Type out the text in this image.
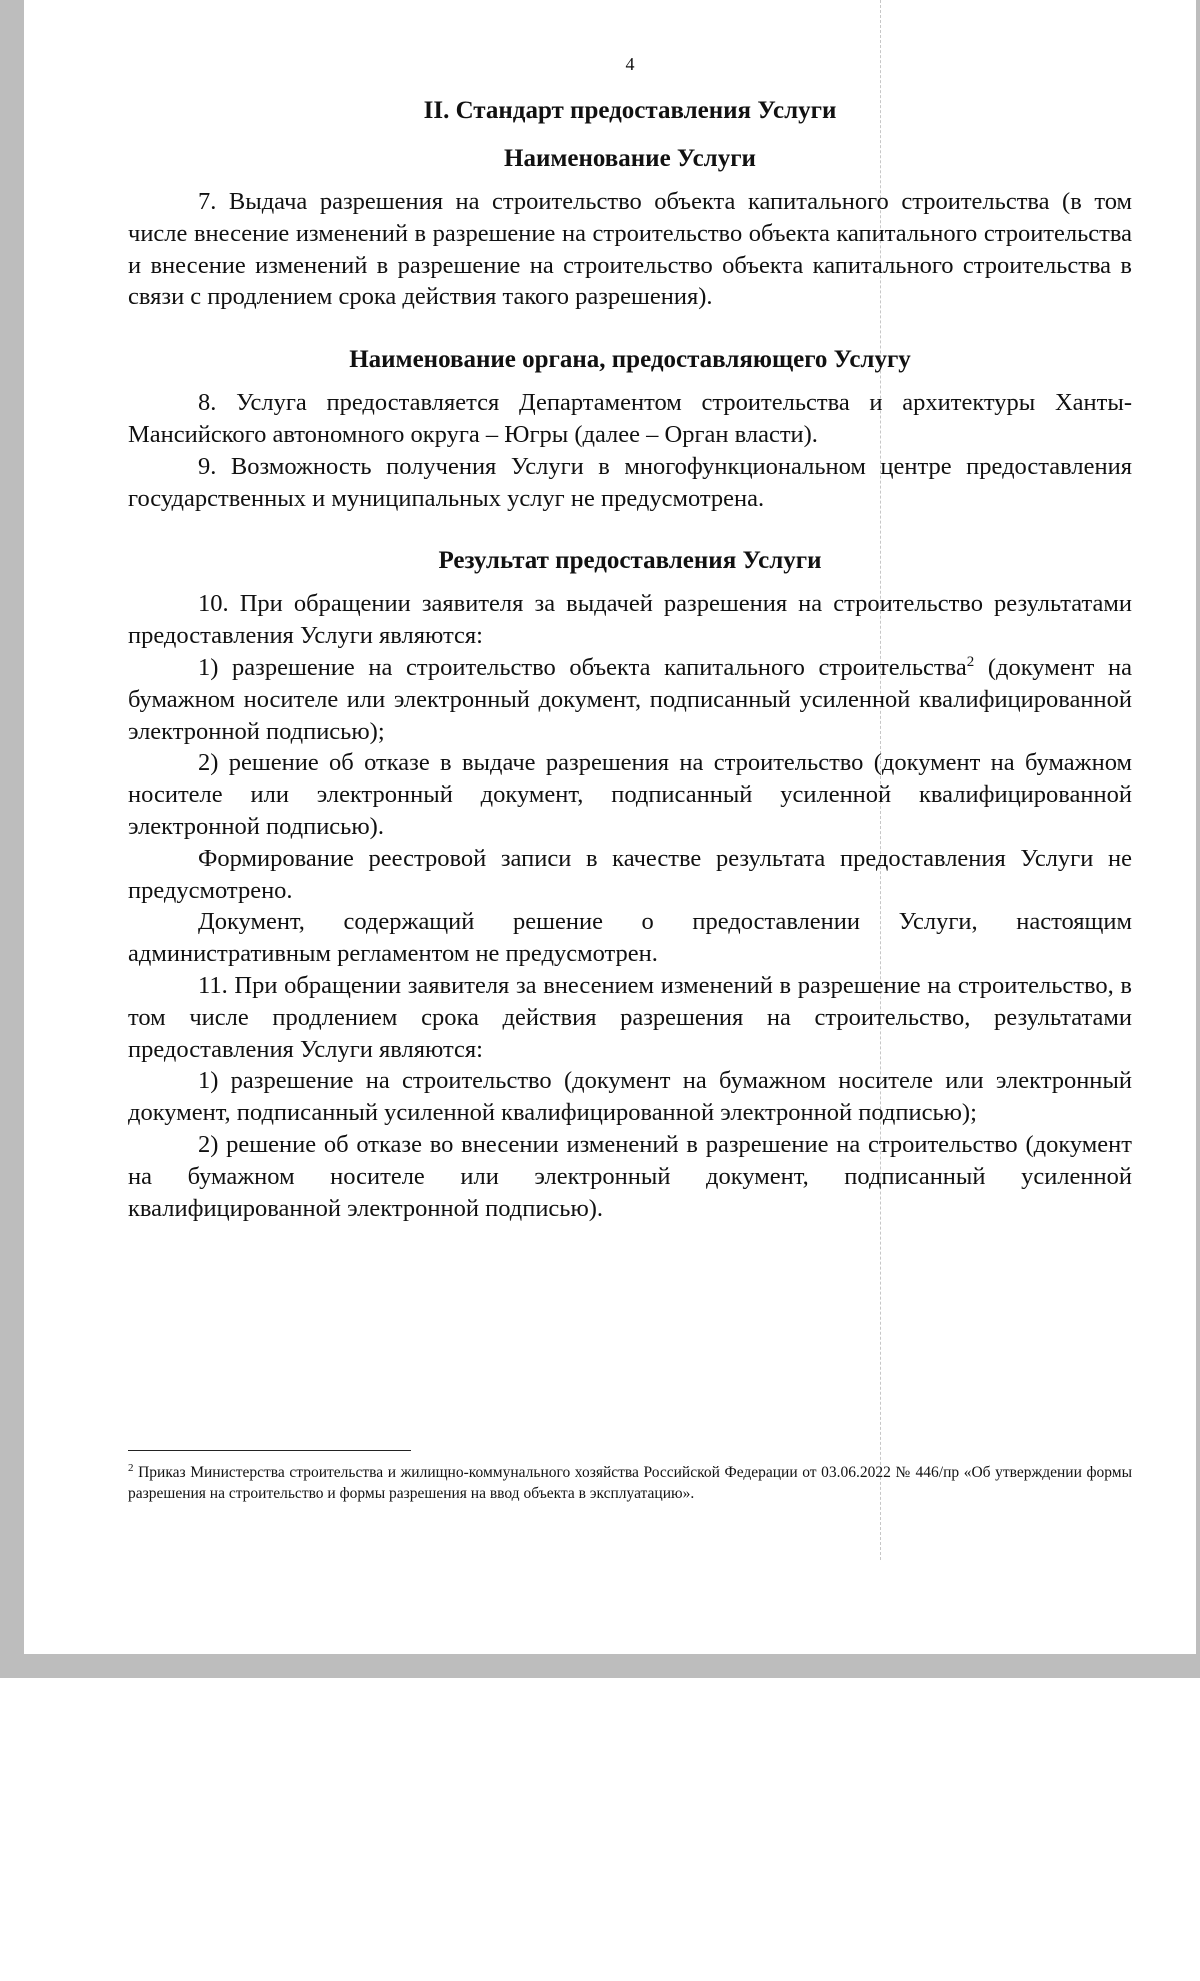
4
II. Стандарт предоставления Услуги
Наименование Услуги

7. Выдача разрешения на строительство объекта капитального строительства (в том числе внесение изменений в разрешение на строительство объекта капитального строительства и внесение изменений в разрешение на строительство объекта капитального строительства в связи с продлением срока действия такого разрешения).

Наименование органа, предоставляющего Услугу

8. Услуга предоставляется Департаментом строительства и архитектуры Ханты-Мансийского автономного округа – Югры (далее – Орган власти).

9. Возможность получения Услуги в многофункциональном центре предоставления государственных и муниципальных услуг не предусмотрена.

Результат предоставления Услуги

10. При обращении заявителя за выдачей разрешения на строительство результатами предоставления Услуги являются:

1) разрешение на строительство объекта капитального строительства$^2$ (документ на бумажном носителе или электронный документ, подписанный усиленной квалифицированной электронной подписью);

2) решение об отказе в выдаче разрешения на строительство (документ на бумажном носителе или электронный документ, подписанный усиленной квалифицированной электронной подписью).

Формирование реестровой записи в качестве результата предоставления Услуги не предусмотрено.

Документ, содержащий решение о предоставлении Услуги, настоящим административным регламентом не предусмотрен.

11. При обращении заявителя за внесением изменений в разрешение на строительство, в том числе продлением срока действия разрешения на строительство, результатами предоставления Услуги являются:

1) разрешение на строительство (документ на бумажном носителе или электронный документ, подписанный усиленной квалифицированной электронной подписью);

2) решение об отказе во внесении изменений в разрешение на строительство (документ на бумажном носителе или электронный документ, подписанный усиленной квалифицированной электронной подписью).

$^2$ Приказ Министерства строительства и жилищно-коммунального хозяйства Российской Федерации от 03.06.2022 № 446/пр «Об утверждении формы разрешения на строительство и формы разрешения на ввод объекта в эксплуатацию».
